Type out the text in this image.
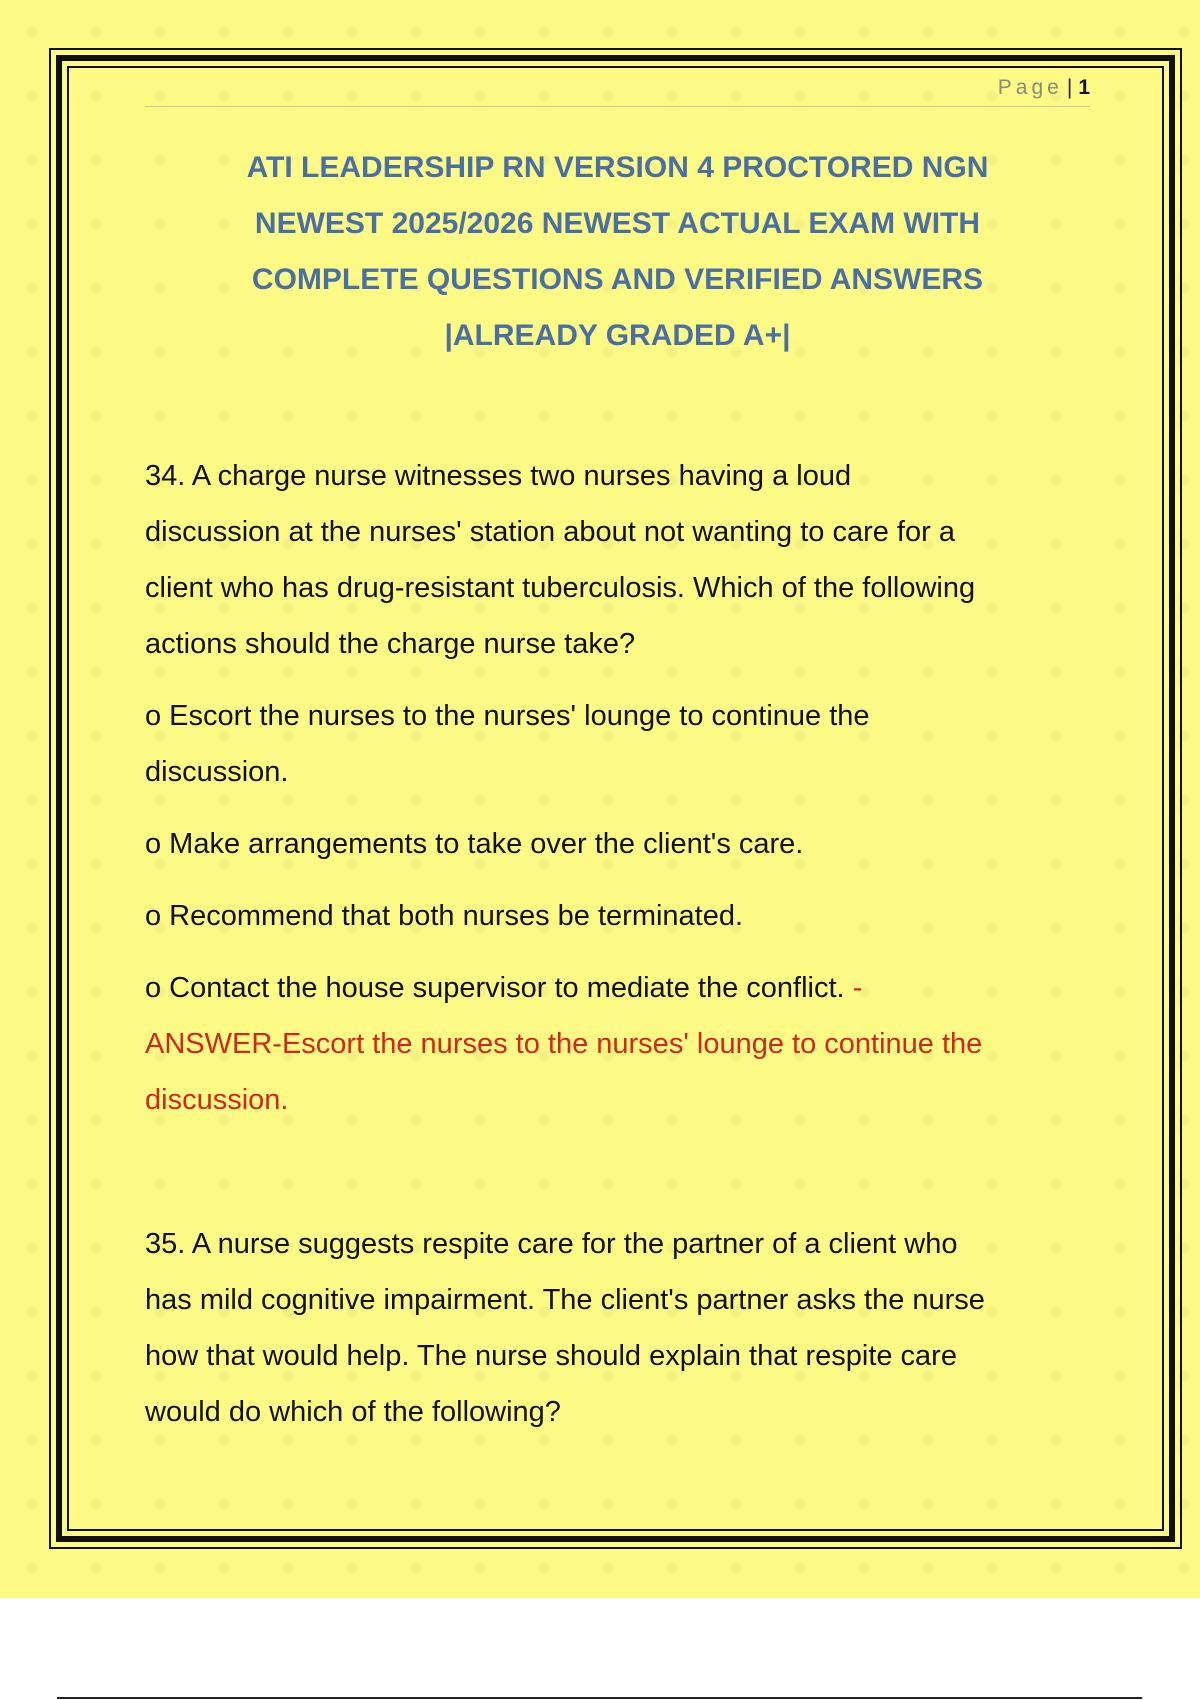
Page | 1
ATI LEADERSHIP RN VERSION 4 PROCTORED NGN
NEWEST 2025/2026 NEWEST ACTUAL EXAM WITH
COMPLETE QUESTIONS AND VERIFIED ANSWERS
|ALREADY GRADED A+|
34. A charge nurse witnesses two nurses having a loud
discussion at the nurses' station about not wanting to care for a
client who has drug-resistant tuberculosis. Which of the following
actions should the charge nurse take?
o Escort the nurses to the nurses' lounge to continue the
discussion.
o Make arrangements to take over the client's care.
o Recommend that both nurses be terminated.
o Contact the house supervisor to mediate the conflict. -
ANSWER-Escort the nurses to the nurses' lounge to continue the
discussion.
35. A nurse suggests respite care for the partner of a client who
has mild cognitive impairment. The client's partner asks the nurse
how that would help. The nurse should explain that respite care
would do which of the following?
